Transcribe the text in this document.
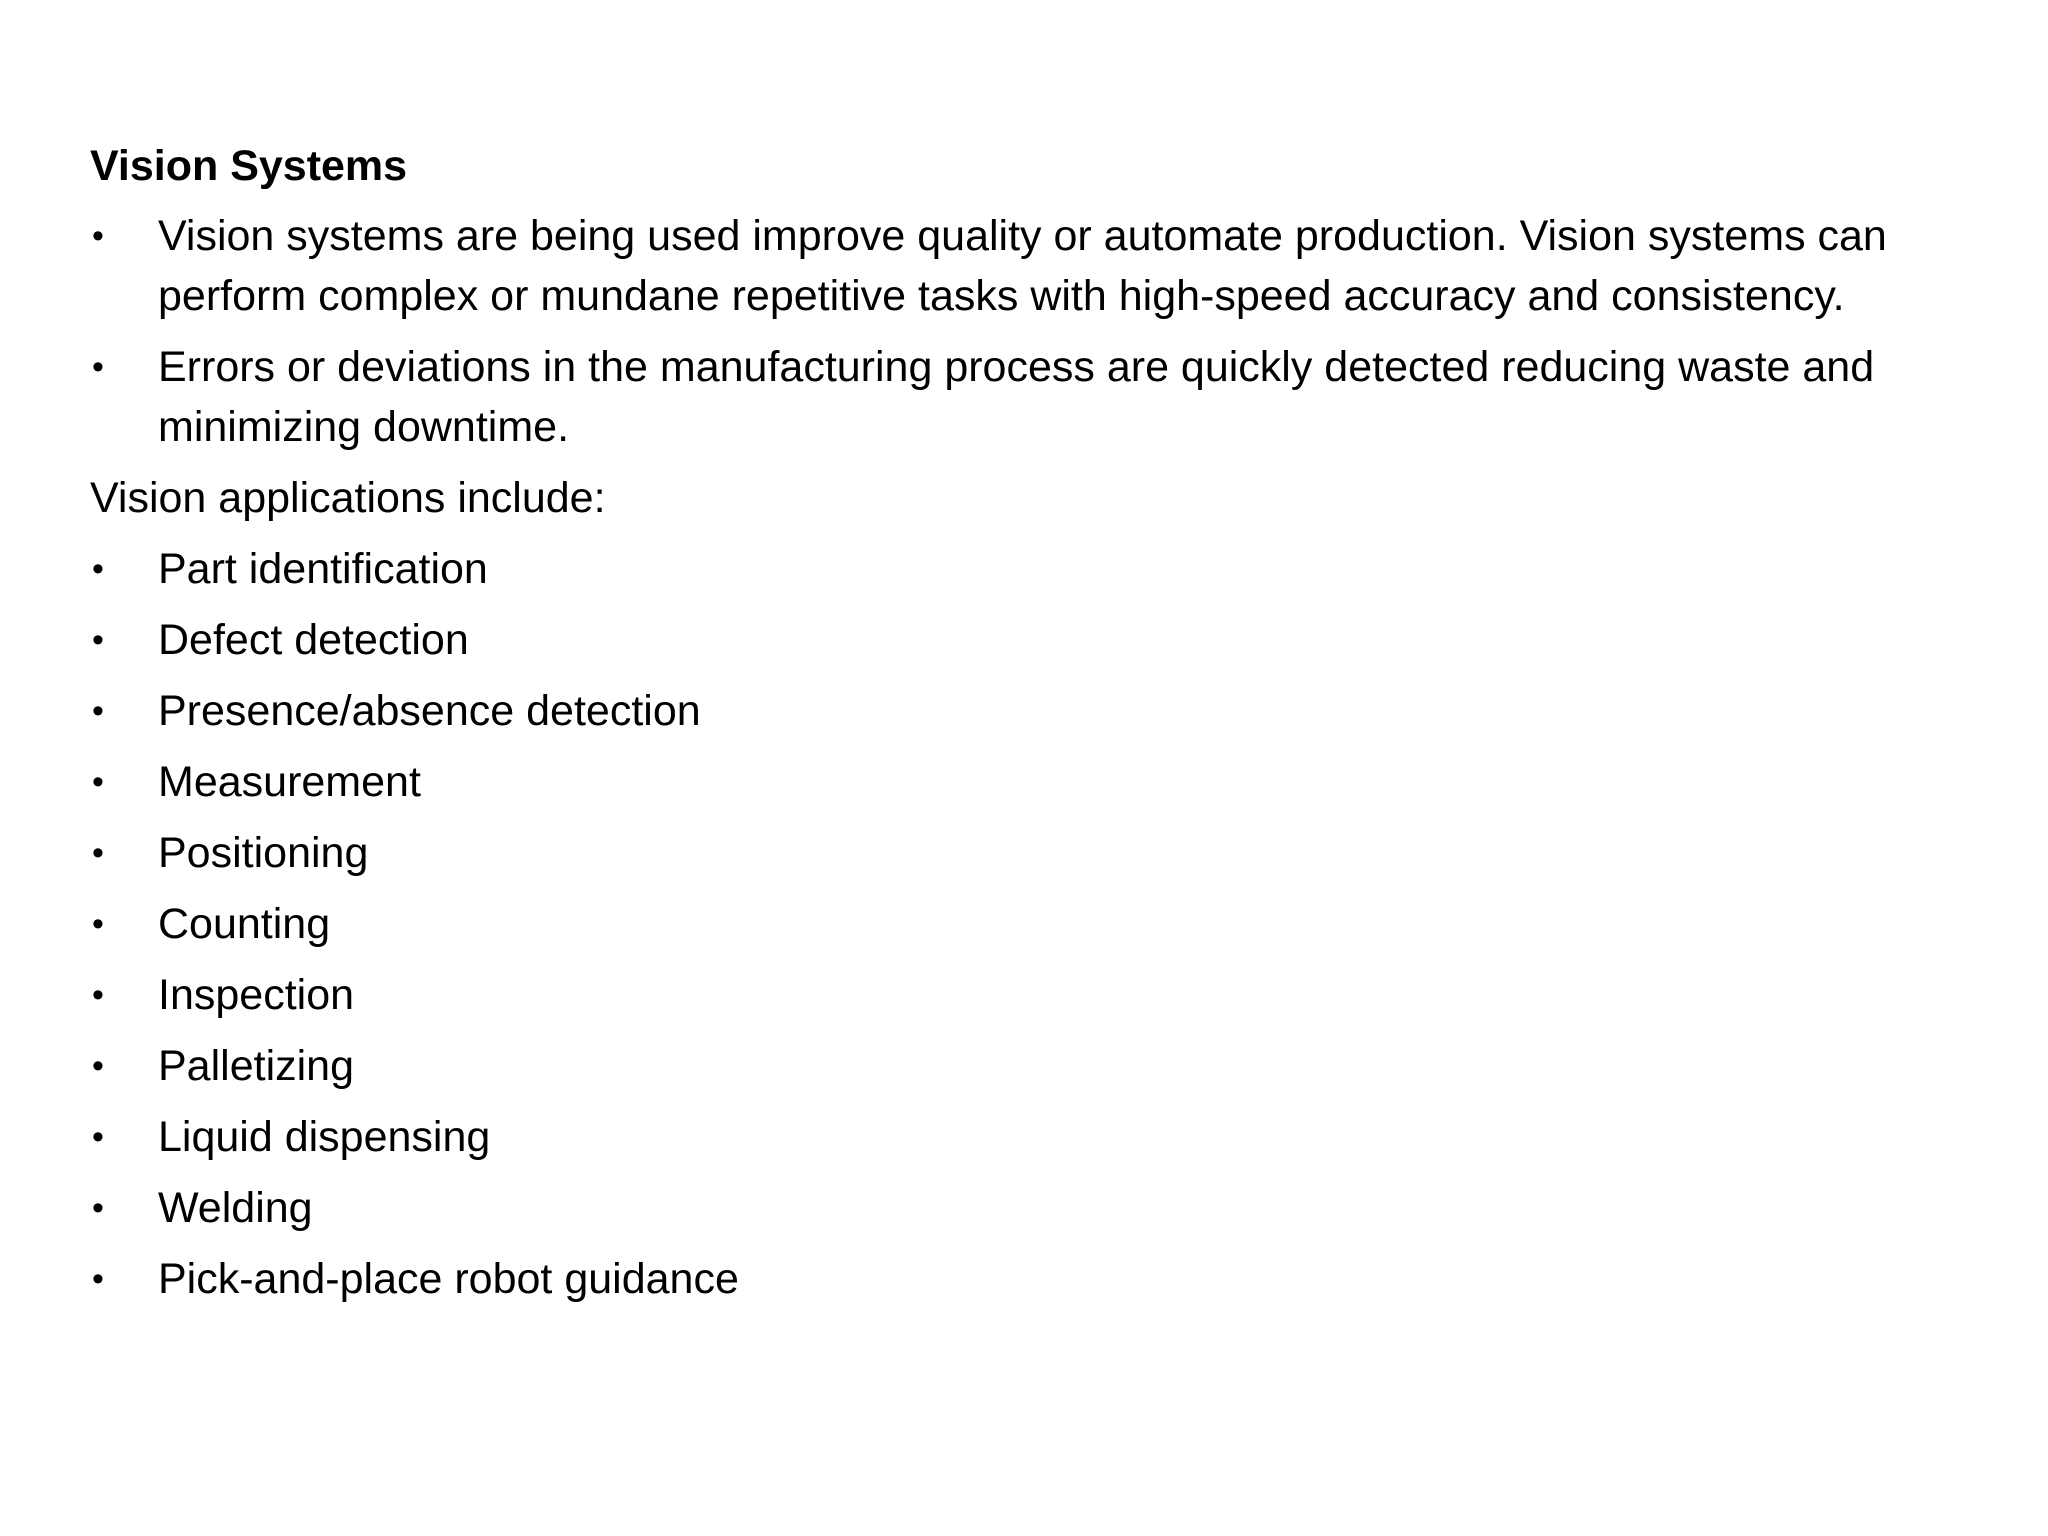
Vision Systems
•	Vision systems are being used improve quality or automate production. Vision systems can perform complex or mundane repetitive tasks with high-speed accuracy and consistency.
•	Errors or deviations in the manufacturing process are quickly detected reducing waste and minimizing downtime.
Vision applications include:
•	Part identification
•	Defect detection
•	Presence/absence detection
•	Measurement
•	Positioning
•	Counting
•	Inspection
•	Palletizing
•	Liquid dispensing
•	Welding
•	Pick-and-place robot guidance
